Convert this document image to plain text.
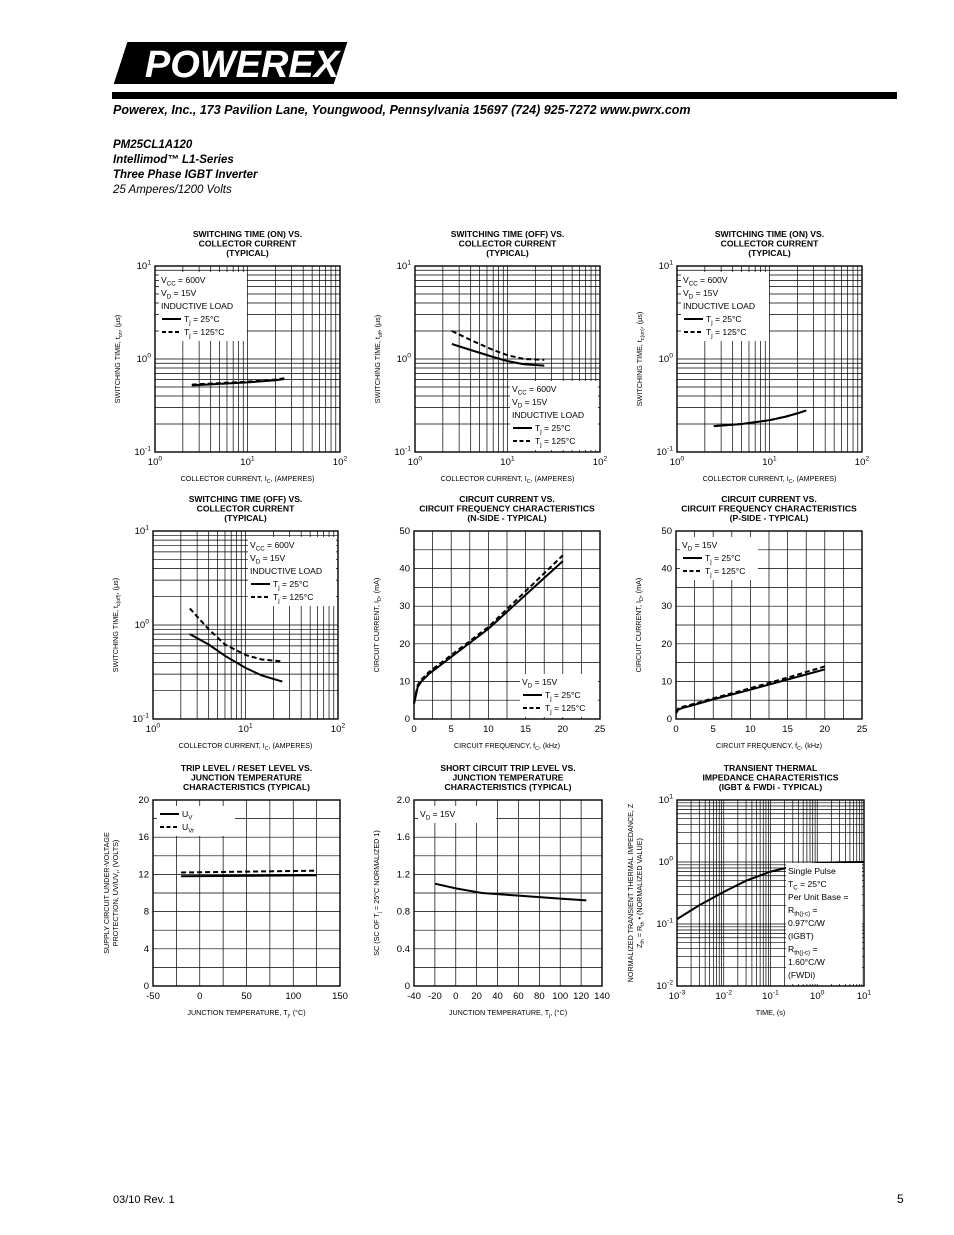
POWEREX
Powerex, Inc., 173 Pavilion Lane, Youngwood, Pennsylvania 15697 (724) 925-7272 www.pwrx.com
PM25CL1A120
Intellimod™ L1-Series
Three Phase IGBT Inverter
25 Amperes/1200 Volts
SWITCHING TIME (ON) VS.
COLLECTOR CURRENT
(TYPICAL)
$10^0$	$10^1$	$10^2$
$10^{-1}$
$10^0$
$10^1$
COLLECTOR CURRENT, $I_C$, (AMPERES)
SWITCHING TIME, $t_{on}$, (μs)
$V_{CC} = 600V$
$V_D = 15V$
INDUCTIVE LOAD
$T_j = 25^\circ C$
$T_j = 125^\circ C$
SWITCHING TIME (OFF) VS.
COLLECTOR CURRENT
(TYPICAL)
$10^0$	$10^1$	$10^2$
$10^{-1}$
$10^0$
$10^1$
COLLECTOR CURRENT, $I_C$, (AMPERES)
SWITCHING TIME, $t_{off}$, (μs)
$V_{CC} = 600V$
$V_D = 15V$
INDUCTIVE LOAD
$T_j = 25^\circ C$
$T_j = 125^\circ C$
SWITCHING TIME (ON) VS.
COLLECTOR CURRENT
(TYPICAL)
$10^0$	$10^1$	$10^2$
$10^{-1}$
$10^0$
$10^1$
COLLECTOR CURRENT, $I_C$, (AMPERES)
SWITCHING TIME, $t_{c(on)}$, (μs)
$V_{CC} = 600V$
$V_D = 15V$
INDUCTIVE LOAD
$T_j = 25^\circ C$
$T_j = 125^\circ C$
SWITCHING TIME (OFF) VS.
COLLECTOR CURRENT
(TYPICAL)
$10^0$	$10^1$	$10^2$
$10^{-1}$
$10^0$
$10^1$
COLLECTOR CURRENT, $I_C$, (AMPERES)
SWITCHING TIME, $t_{c(off)}$, (μs)
$V_{CC} = 600V$
$V_D = 15V$
INDUCTIVE LOAD
$T_j = 25^\circ C$
$T_j = 125^\circ C$
CIRCUIT CURRENT VS.
CIRCUIT FREQUENCY CHARACTERISTICS
(N-SIDE - TYPICAL)
0	5	10	15	20	25
0
10
20
30
40
50
CIRCUIT FREQUENCY, $f_C$, (kHz)
CIRCUIT CURRENT, $I_D$, (mA)
$V_D = 15V$
$T_j = 25^\circ C$
$T_j = 125^\circ C$
CIRCUIT CURRENT VS.
CIRCUIT FREQUENCY CHARACTERISTICS
(P-SIDE - TYPICAL)
0	5	10	15	20	25
0
10
20
30
40
50
CIRCUIT FREQUENCY, $f_C$, (kHz)
CIRCUIT CURRENT, $I_D$, (mA)
$V_D = 15V$
$T_j = 25^\circ C$
$T_j = 125^\circ C$
TRIP LEVEL / RESET LEVEL VS.
JUNCTION TEMPERATURE
CHARACTERISTICS (TYPICAL)
-50	0	50	100	150
0
4
8
12
16
20
JUNCTION TEMPERATURE, $T_j$, (°C)
PROTECTION, $UV/UV_r$, (VOLTS)
SUPPLY CIRCUIT UNDER-VOLTAGE
$U_V$
$U_{Vr}$
SHORT CIRCUIT TRIP LEVEL VS.
JUNCTION TEMPERATURE
CHARACTERISTICS (TYPICAL)
-40 -20 0 20 40 60 80 100 120 140
0
0.4
0.8
1.2
1.6
2.0
JUNCTION TEMPERATURE, $T_j$, (°C)
SC (SC OF $T_j = 25^\circ C$ NORMALIZED 1)
$V_D = 15V$
TRANSIENT THERMAL
IMPEDANCE CHARACTERISTICS
(IGBT & FWDi - TYPICAL)
$10^{-3}$	$10^{-2}$	$10^{-1}$	$10^0$	$10^1$
$10^{-2}$
$10^{-1}$
$10^0$
$10^1$
TIME, (s)
$Z_{th} = R_{th}$ • (NORMALIZED VALUE)
NORMALIZED TRANSIENT THERMAL IMPEDANCE, Z	Single Pulse
$T_C = 25^\circ C$
Per Unit Base =
$R_{th(j-c)}$ =
0.97°C/W
(IGBT)
$R_{th(j-c)}$ =
1.60°C/W
(FWDi)
03/10 Rev. 1	5
